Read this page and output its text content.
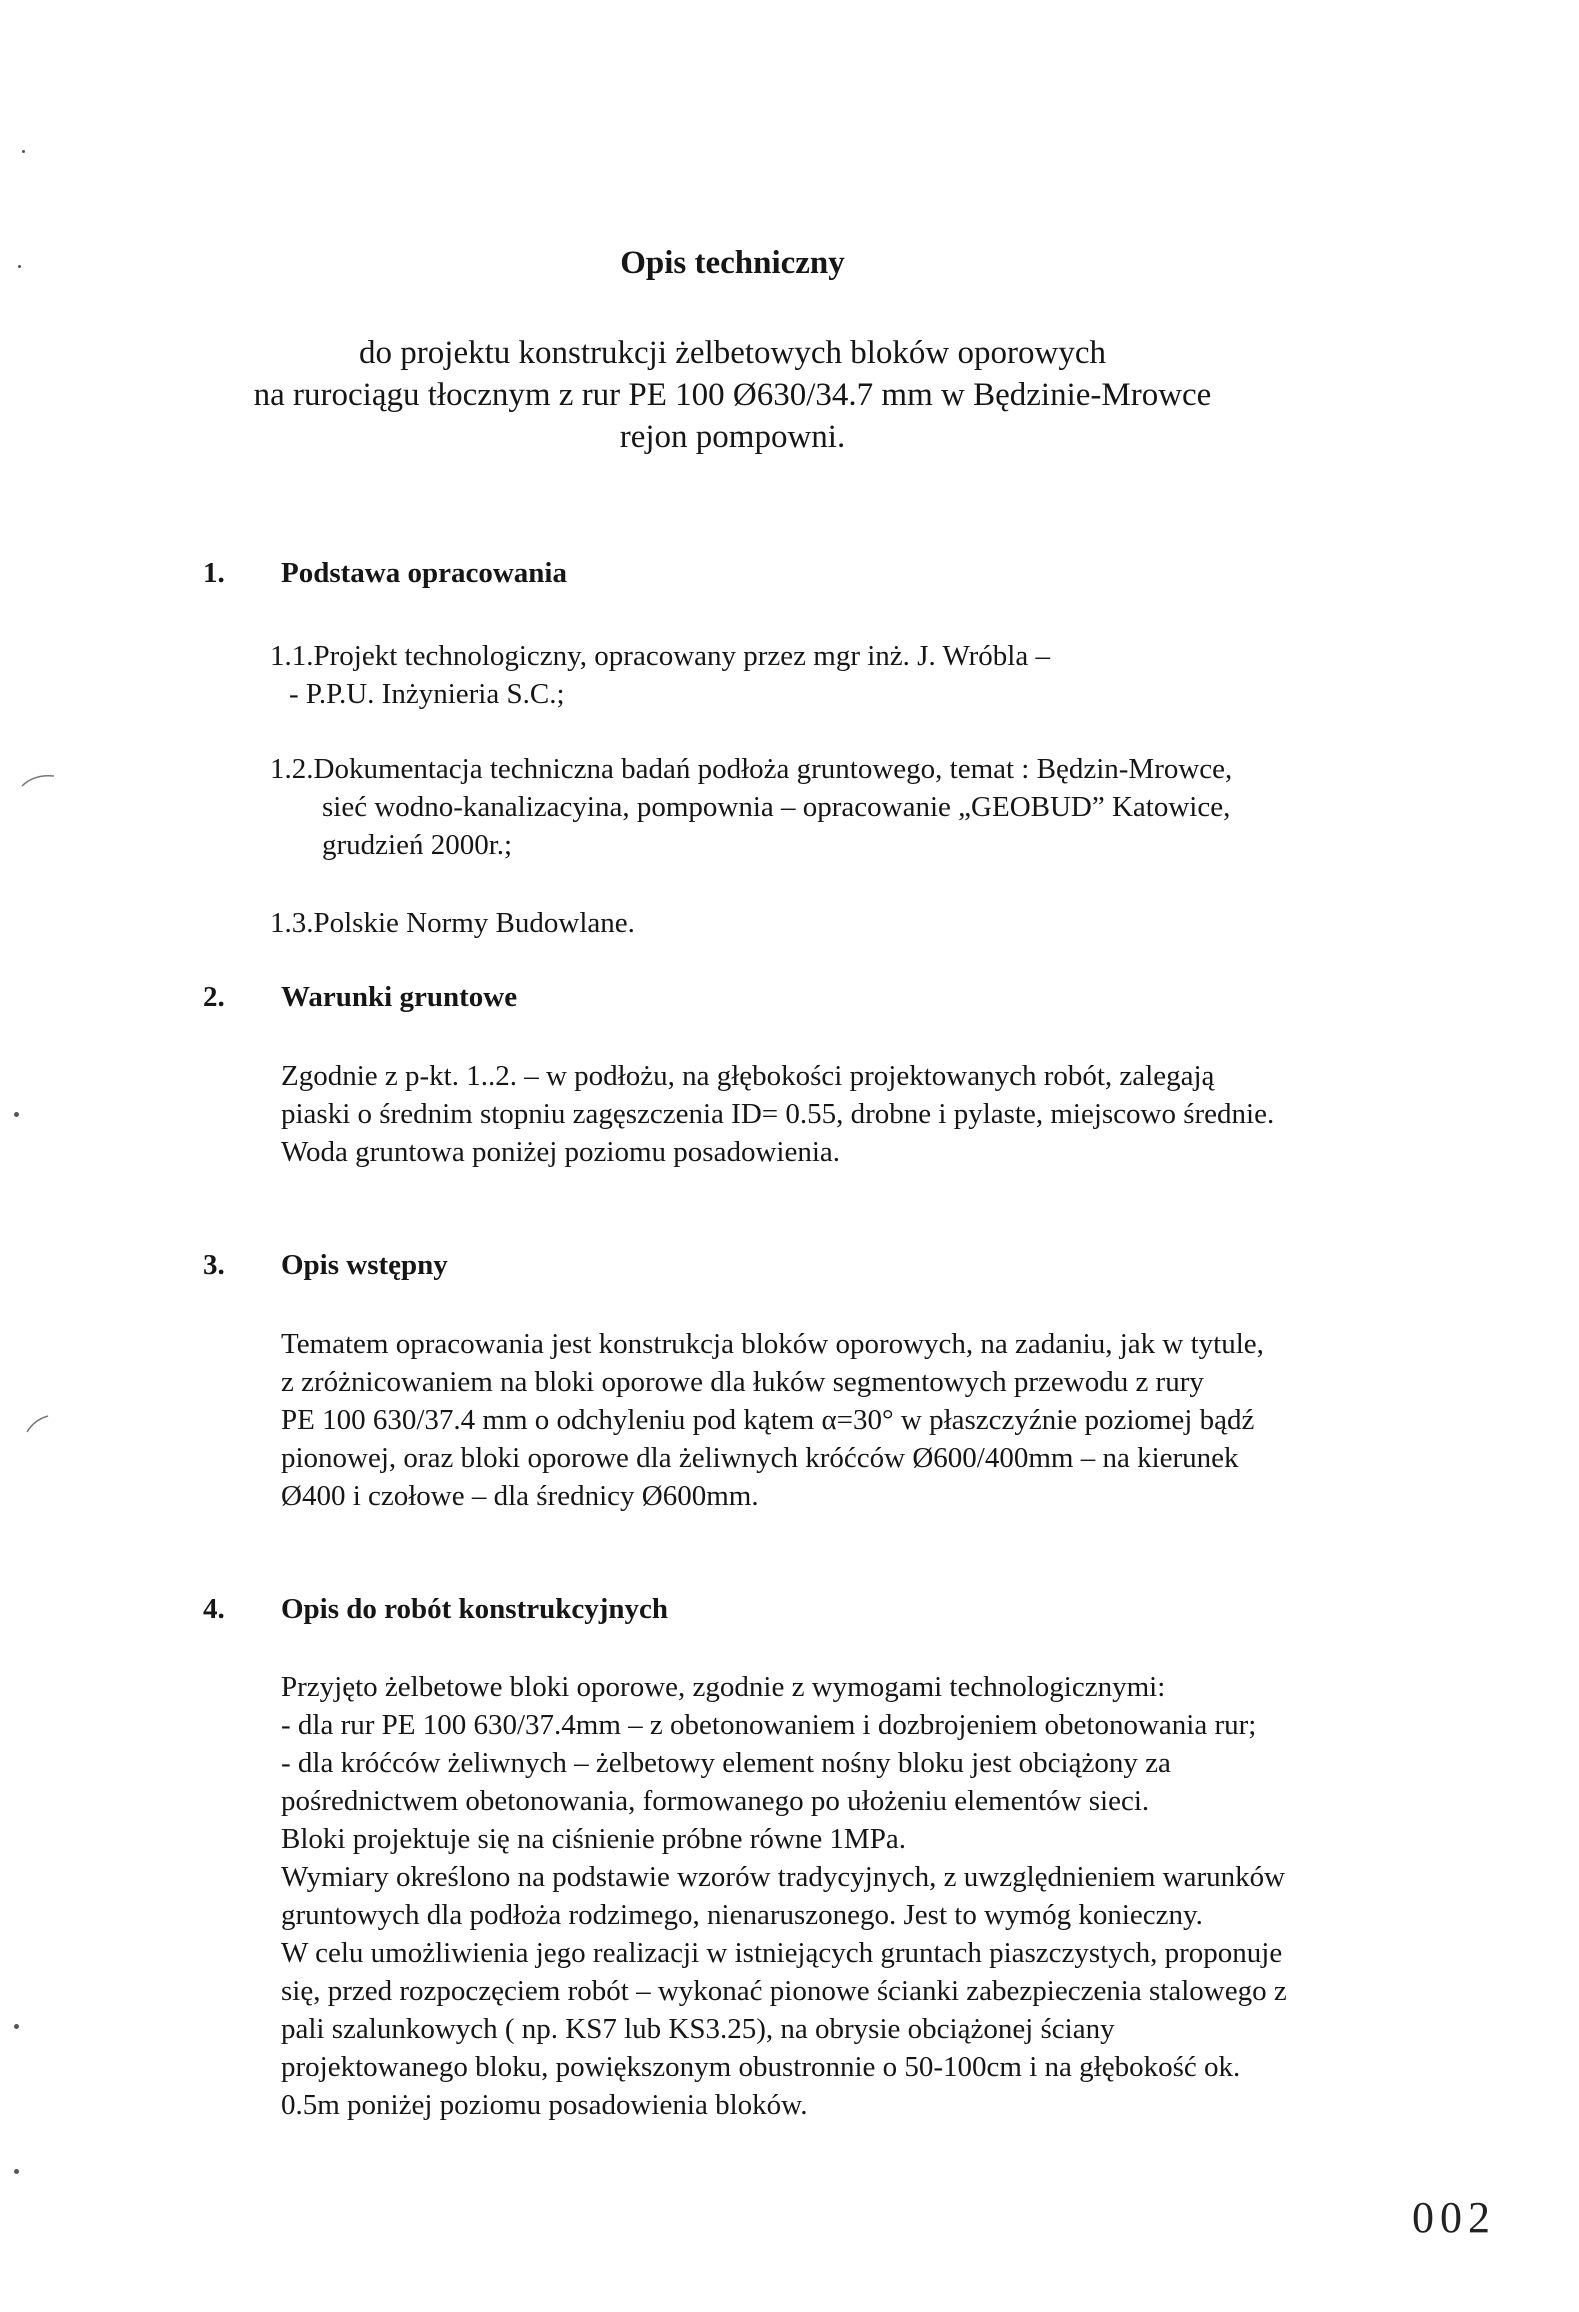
Opis techniczny
do projektu konstrukcji żelbetowych bloków oporowych
na rurociągu tłocznym z rur PE 100 Ø630/34.7 mm w Będzinie-Mrowce
rejon pompowni.
1. Podstawa opracowania
1.1.Projekt technologiczny, opracowany przez mgr inż. J. Wróbla –
- P.P.U. Inżynieria S.C.;
1.2.Dokumentacja techniczna badań podłoża gruntowego, temat : Będzin-Mrowce,
sieć wodno-kanalizacyina, pompownia – opracowanie „GEOBUD” Katowice,
grudzień 2000r.;
1.3.Polskie Normy Budowlane.
2. Warunki gruntowe
Zgodnie z p-kt. 1..2. – w podłożu, na głębokości projektowanych robót, zalegają
piaski o średnim stopniu zagęszczenia ID= 0.55, drobne i pylaste, miejscowo średnie.
Woda gruntowa poniżej poziomu posadowienia.
3. Opis wstępny
Tematem opracowania jest konstrukcja bloków oporowych, na zadaniu, jak w tytule,
z zróżnicowaniem na bloki oporowe dla łuków segmentowych przewodu z rury
PE 100 630/37.4 mm o odchyleniu pod kątem α=30° w płaszczyźnie poziomej bądź
pionowej, oraz bloki oporowe dla żeliwnych króćców Ø600/400mm – na kierunek
Ø400 i czołowe – dla średnicy Ø600mm.
4. Opis do robót konstrukcyjnych
Przyjęto żelbetowe bloki oporowe, zgodnie z wymogami technologicznymi:
- dla rur PE 100 630/37.4mm – z obetonowaniem i dozbrojeniem obetonowania rur;
- dla króćców żeliwnych – żelbetowy element nośny bloku jest obciążony za
pośrednictwem obetonowania, formowanego po ułożeniu elementów sieci.
Bloki projektuje się na ciśnienie próbne równe 1MPa.
Wymiary określono na podstawie wzorów tradycyjnych, z uwzględnieniem warunków
gruntowych dla podłoża rodzimego, nienaruszonego. Jest to wymóg konieczny.
W celu umożliwienia jego realizacji w istniejących gruntach piaszczystych, proponuje
się, przed rozpoczęciem robót – wykonać pionowe ścianki zabezpieczenia stalowego z
pali szalunkowych ( np. KS7 lub KS3.25), na obrysie obciążonej ściany
projektowanego bloku, powiększonym obustronnie o 50-100cm i na głębokość ok.
0.5m poniżej poziomu posadowienia bloków.
002
